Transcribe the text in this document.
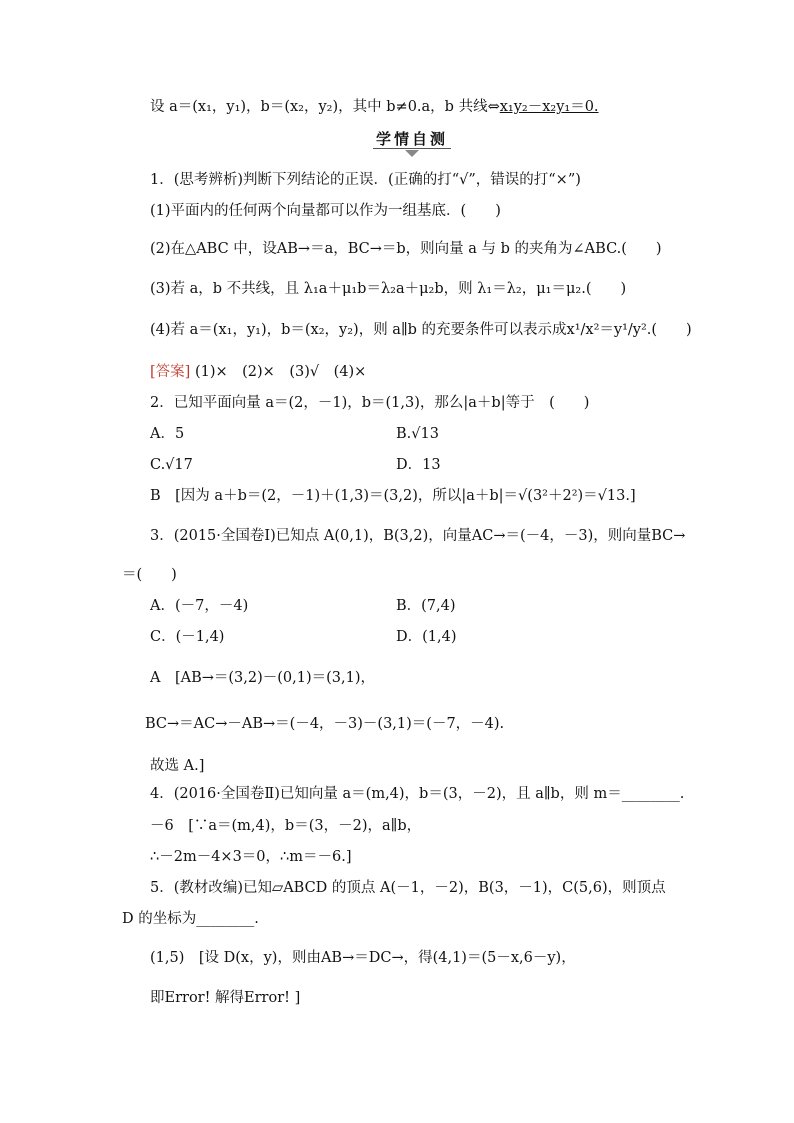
设 a＝(x₁，y₁)，b＝(x₂，y₂)，其中 b≠0.a，b 共线⇔x₁y₂－x₂y₁＝0.
学情自测
1．(思考辨析)判断下列结论的正误．(正确的打“√”，错误的打“×”)
(1)平面内的任何两个向量都可以作为一组基底．(　　)
(2)在△ABC 中，设AB→＝a，BC→＝b，则向量 a 与 b 的夹角为∠ABC.(　　)
(3)若 a，b 不共线，且 λ₁a＋μ₁b＝λ₂a＋μ₂b，则 λ₁＝λ₂，μ₁＝μ₂.(　　)
(4)若 a＝(x₁，y₁)，b＝(x₂，y₂)，则 a∥b 的充要条件可以表示成x¹/x²＝y¹/y².(　　)
[答案] (1)×　(2)×　(3)√　(4)×
2．已知平面向量 a＝(2，－1)，b＝(1,3)，那么|a＋b|等于　(　　)
A．5	B.√13
C.√17	D．13
B　[因为 a＋b＝(2，－1)＋(1,3)＝(3,2)，所以|a＋b|＝√(3²＋2²)＝√13.]
3．(2015·全国卷Ⅰ)已知点 A(0,1)，B(3,2)，向量AC→＝(－4，－3)，则向量BC→
＝(　　)
A．(－7，－4)	B．(7,4)
C．(－1,4)	D．(1,4)
A　[AB→＝(3,2)－(0,1)＝(3,1)，
BC→＝AC→－AB→＝(－4，－3)－(3,1)＝(－7，－4).
故选 A.]
4．(2016·全国卷Ⅱ)已知向量 a＝(m,4)，b＝(3，－2)，且 a∥b，则 m＝________.
－6　[∵a＝(m,4)，b＝(3，－2)，a∥b，
∴－2m－4×3＝0，∴m＝－6.]
5．(教材改编)已知▱ABCD 的顶点 A(－1，－2)，B(3，－1)，C(5,6)，则顶点
D 的坐标为________.
(1,5)　[设 D(x，y)，则由AB→＝DC→，得(4,1)＝(5－x,6－y)，
即Error! 解得Error! ]
